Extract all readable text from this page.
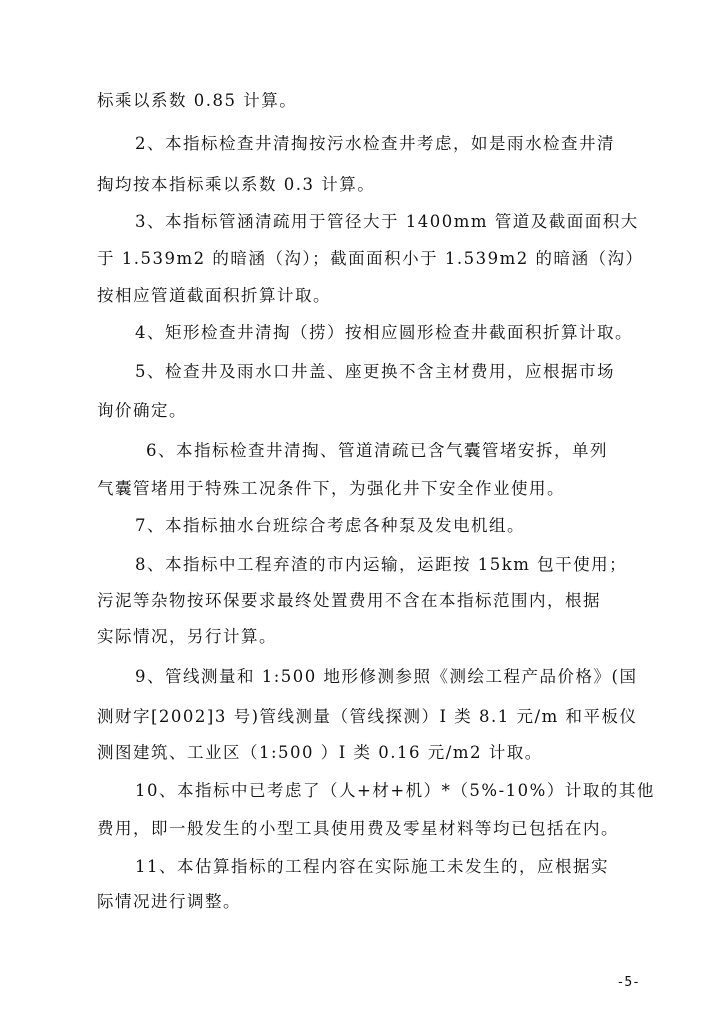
标乘以系数 0.85 计算。
2、本指标检查井清掏按污水检查井考虑，如是雨水检查井清
掏均按本指标乘以系数 0.3 计算。
3、本指标管涵清疏用于管径大于 1400mm 管道及截面面积大
于 1.539m2 的暗涵（沟）；截面面积小于 1.539m2 的暗涵（沟）
按相应管道截面积折算计取。
4、矩形检查井清掏（捞）按相应圆形检查井截面积折算计取。
5、检查井及雨水口井盖、座更换不含主材费用，应根据市场
询价确定。
6、本指标检查井清掏、管道清疏已含气囊管堵安拆，单列
气囊管堵用于特殊工况条件下，为强化井下安全作业使用。
7、本指标抽水台班综合考虑各种泵及发电机组。
8、本指标中工程弃渣的市内运输，运距按 15km 包干使用；
污泥等杂物按环保要求最终处置费用不含在本指标范围内，根据
实际情况，另行计算。
9、管线测量和 1:500 地形修测参照《测绘工程产品价格》(国
测财字[2002]3 号)管线测量（管线探测）I 类 8.1 元/m 和平板仪
测图建筑、工业区（1:500 ）I 类 0.16 元/m2 计取。
10、本指标中已考虑了（人+材+机）*（5%-10%）计取的其他
费用，即一般发生的小型工具使用费及零星材料等均已包括在内。
11、本估算指标的工程内容在实际施工未发生的，应根据实
际情况进行调整。
-5-
